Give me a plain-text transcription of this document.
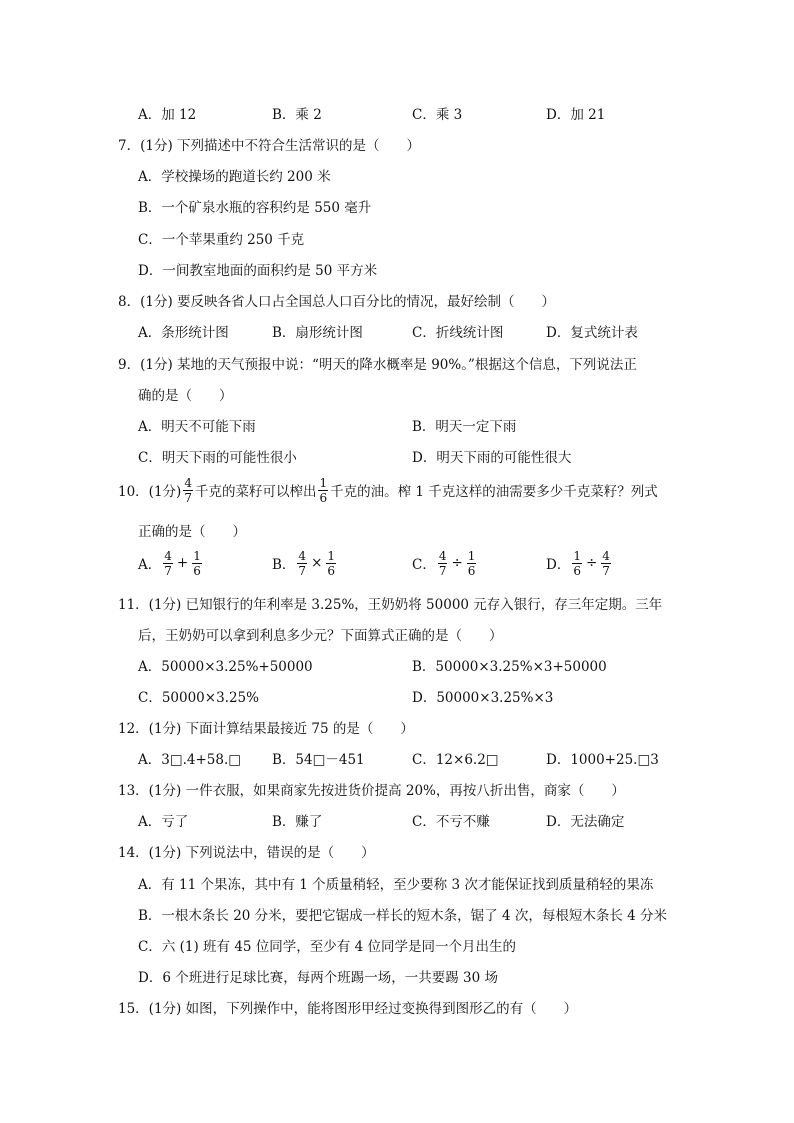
A．加 12	B．乘 2	C．乘 3	D．加 21
7．(1分) 下列描述中不符合生活常识的是（　　）
A．学校操场的跑道长约 200 米
B．一个矿泉水瓶的容积约是 550 毫升
C．一个苹果重约 250 千克
D．一间教室地面的面积约是 50 平方米
8．(1分) 要反映各省人口占全国总人口百分比的情况，最好绘制（　　）
A．条形统计图	B．扇形统计图	C．折线统计图	D．复式统计表
9．(1分) 某地的天气预报中说：“明天的降水概率是 90%。”根据这个信息，下列说法正
确的是（　　）
A．明天不可能下雨	B．明天一定下雨
C．明天下雨的可能性很小	D．明天下雨的可能性很大
10．(1分) $\frac{4}{7}$ 千克的菜籽可以榨出 $\frac{1}{6}$ 千克的油。榨 1 千克这样的油需要多少千克菜籽？列式
正确的是（　　）
A． $\frac{4}{7} + \frac{1}{6}$	B． $\frac{4}{7} \times \frac{1}{6}$	C． $\frac{4}{7} \div \frac{1}{6}$	D． $\frac{1}{6} \div \frac{4}{7}$
11．(1分) 已知银行的年利率是 3.25%，王奶奶将 50000 元存入银行，存三年定期。三年
后，王奶奶可以拿到利息多少元？下面算式正确的是（　　）
A．50000×3.25%+50000	B．50000×3.25%×3+50000
C．50000×3.25%	D．50000×3.25%×3
12．(1分) 下面计算结果最接近 75 的是（　　）
A．3□.4+58.□ B．54□－451	C．12×6.2□	D．1000+25.□3
13．(1分) 一件衣服，如果商家先按进货价提高 20%，再按八折出售，商家（　　）
A．亏了	B．赚了	C．不亏不赚	D．无法确定
14．(1分) 下列说法中，错误的是（　　）
A．有 11 个果冻，其中有 1 个质量稍轻，至少要称 3 次才能保证找到质量稍轻的果冻
B．一根木条长 20 分米，要把它锯成一样长的短木条，锯了 4 次，每根短木条长 4 分米
C．六 (1) 班有 45 位同学，至少有 4 位同学是同一个月出生的
D．6 个班进行足球比赛，每两个班踢一场，一共要踢 30 场
15．(1分) 如图，下列操作中，能将图形甲经过变换得到图形乙的有（　　）
